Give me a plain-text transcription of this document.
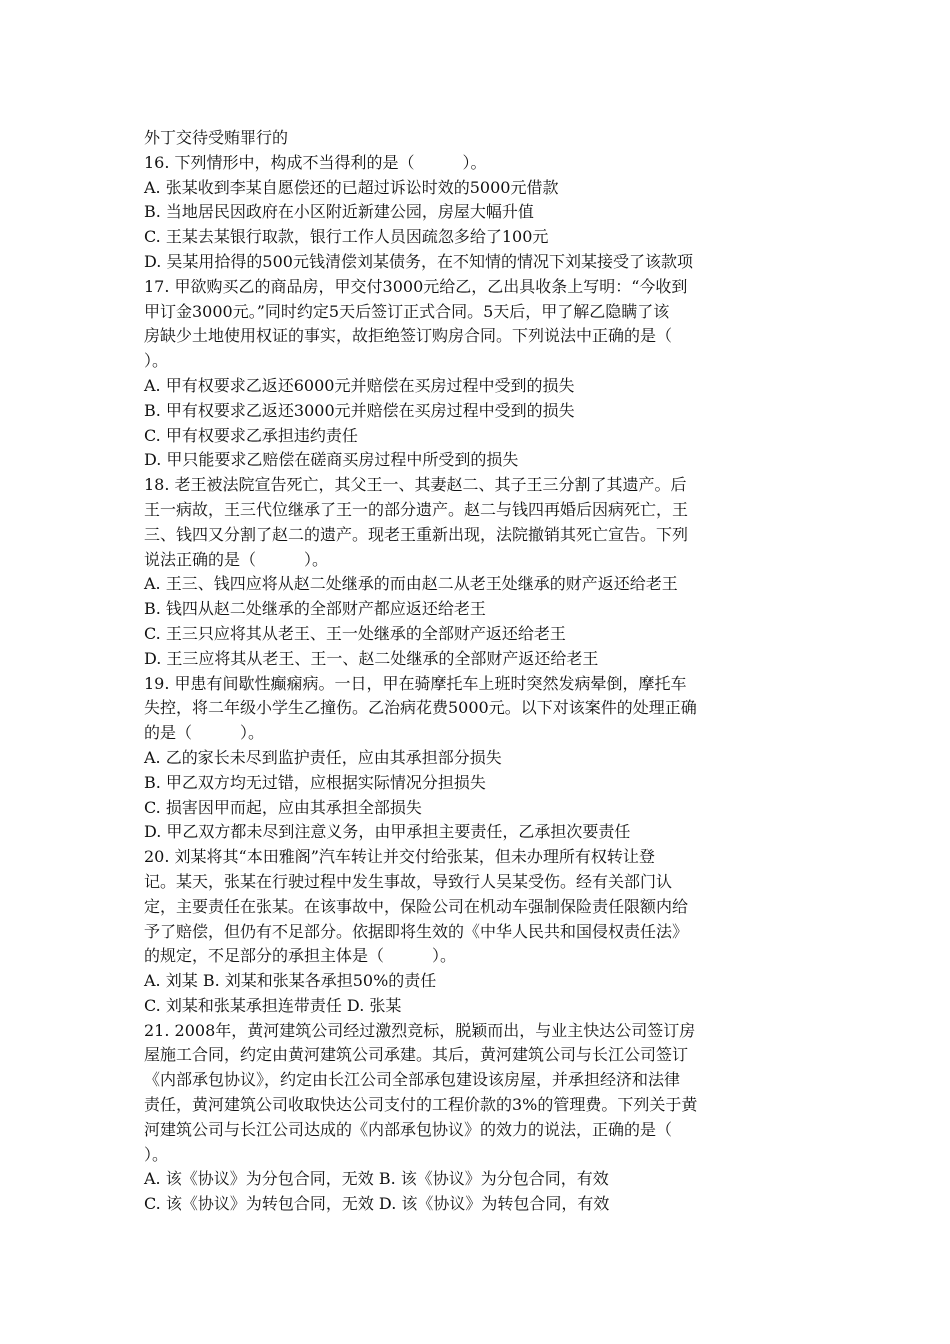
外丁交待受贿罪行的
16. 下列情形中，构成不当得利的是（　　　）。
A. 张某收到李某自愿偿还的已超过诉讼时效的5000元借款
B. 当地居民因政府在小区附近新建公园，房屋大幅升值
C. 王某去某银行取款，银行工作人员因疏忽多给了100元
D. 吴某用拾得的500元钱清偿刘某债务，在不知情的情况下刘某接受了该款项
17. 甲欲购买乙的商品房，甲交付3000元给乙，乙出具收条上写明：“今收到
甲订金3000元。”同时约定5天后签订正式合同。5天后，甲了解乙隐瞒了该
房缺少土地使用权证的事实，故拒绝签订购房合同。下列说法中正确的是（
）。
A. 甲有权要求乙返还6000元并赔偿在买房过程中受到的损失
B. 甲有权要求乙返还3000元并赔偿在买房过程中受到的损失
C. 甲有权要求乙承担违约责任
D. 甲只能要求乙赔偿在磋商买房过程中所受到的损失
18. 老王被法院宣告死亡，其父王一、其妻赵二、其子王三分割了其遗产。后
王一病故，王三代位继承了王一的部分遗产。赵二与钱四再婚后因病死亡，王
三、钱四又分割了赵二的遗产。现老王重新出现，法院撤销其死亡宣告。下列
说法正确的是（　　　）。
A. 王三、钱四应将从赵二处继承的而由赵二从老王处继承的财产返还给老王
B. 钱四从赵二处继承的全部财产都应返还给老王
C. 王三只应将其从老王、王一处继承的全部财产返还给老王
D. 王三应将其从老王、王一、赵二处继承的全部财产返还给老王
19. 甲患有间歇性癫痫病。一日，甲在骑摩托车上班时突然发病晕倒，摩托车
失控，将二年级小学生乙撞伤。乙治病花费5000元。以下对该案件的处理正确
的是（　　　）。
A. 乙的家长未尽到监护责任，应由其承担部分损失
B. 甲乙双方均无过错，应根据实际情况分担损失
C. 损害因甲而起，应由其承担全部损失
D. 甲乙双方都未尽到注意义务，由甲承担主要责任，乙承担次要责任
20. 刘某将其“本田雅阁”汽车转让并交付给张某，但未办理所有权转让登
记。某天，张某在行驶过程中发生事故，导致行人吴某受伤。经有关部门认
定，主要责任在张某。在该事故中，保险公司在机动车强制保险责任限额内给
予了赔偿，但仍有不足部分。依据即将生效的《中华人民共和国侵权责任法》
的规定，不足部分的承担主体是（　　　）。
A. 刘某 B. 刘某和张某各承担50%的责任
C. 刘某和张某承担连带责任 D. 张某
21. 2008年，黄河建筑公司经过激烈竞标，脱颖而出，与业主快达公司签订房
屋施工合同，约定由黄河建筑公司承建。其后，黄河建筑公司与长江公司签订
《内部承包协议》，约定由长江公司全部承包建设该房屋，并承担经济和法律
责任，黄河建筑公司收取快达公司支付的工程价款的3%的管理费。下列关于黄
河建筑公司与长江公司达成的《内部承包协议》的效力的说法，正确的是（
）。
A. 该《协议》为分包合同，无效 B. 该《协议》为分包合同，有效
C. 该《协议》为转包合同，无效 D. 该《协议》为转包合同，有效
